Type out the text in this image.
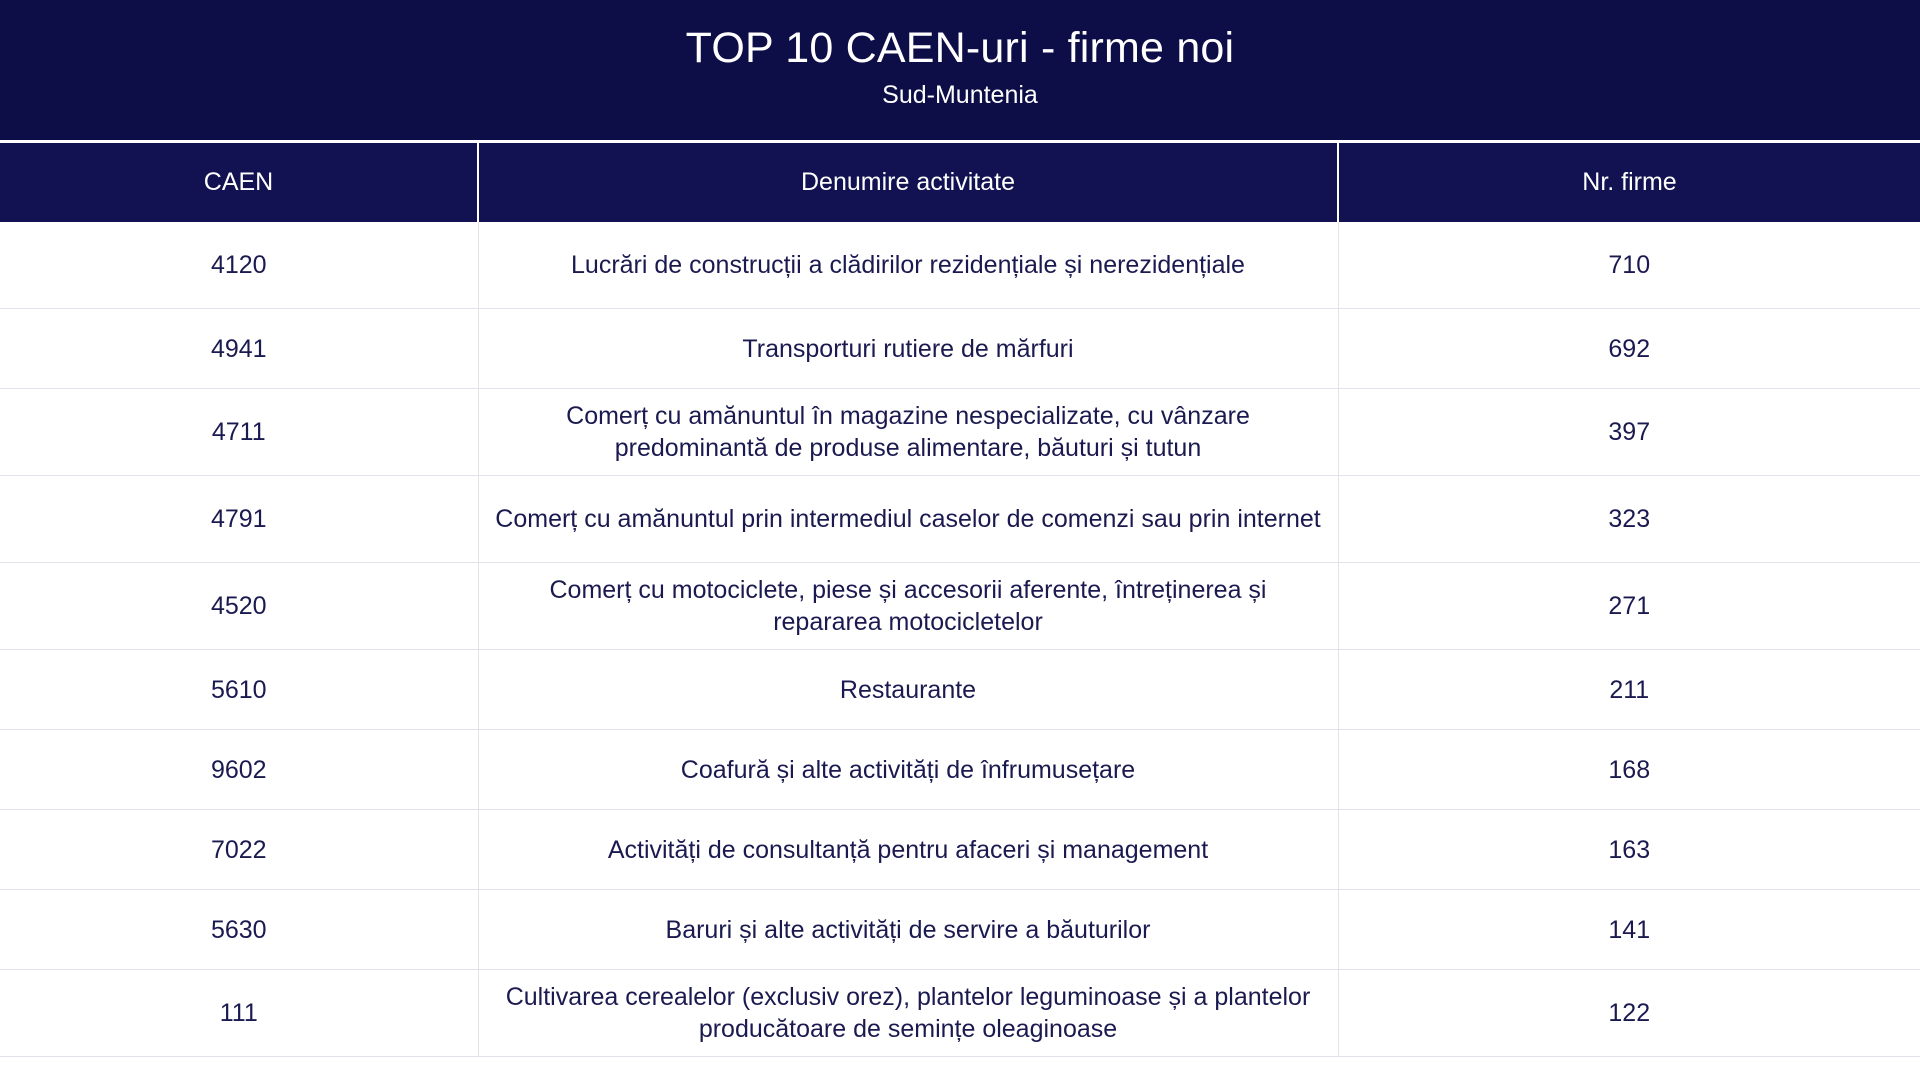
TOP 10 CAEN-uri - firme noi
Sud-Muntenia
CAEN	Denumire activitate	Nr. firme
4120	Lucrări de construcții a clădirilor rezidențiale și nerezidențiale	710
4941	Transporturi rutiere de mărfuri	692
4711	Comerț cu amănuntul în magazine nespecializate, cu vânzare predominantă de produse alimentare, băuturi și tutun	397
4791	Comerț cu amănuntul prin intermediul caselor de comenzi sau prin internet	323
4520	Comerț cu motociclete, piese și accesorii aferente, întreținerea și repararea motocicletelor	271
5610	Restaurante	211
9602	Coafură și alte activități de înfrumusețare	168
7022	Activități de consultanță pentru afaceri și management	163
5630	Baruri și alte activități de servire a băuturilor	141
111	Cultivarea cerealelor (exclusiv orez), plantelor leguminoase și a plantelor producătoare de semințe oleaginoase	122
